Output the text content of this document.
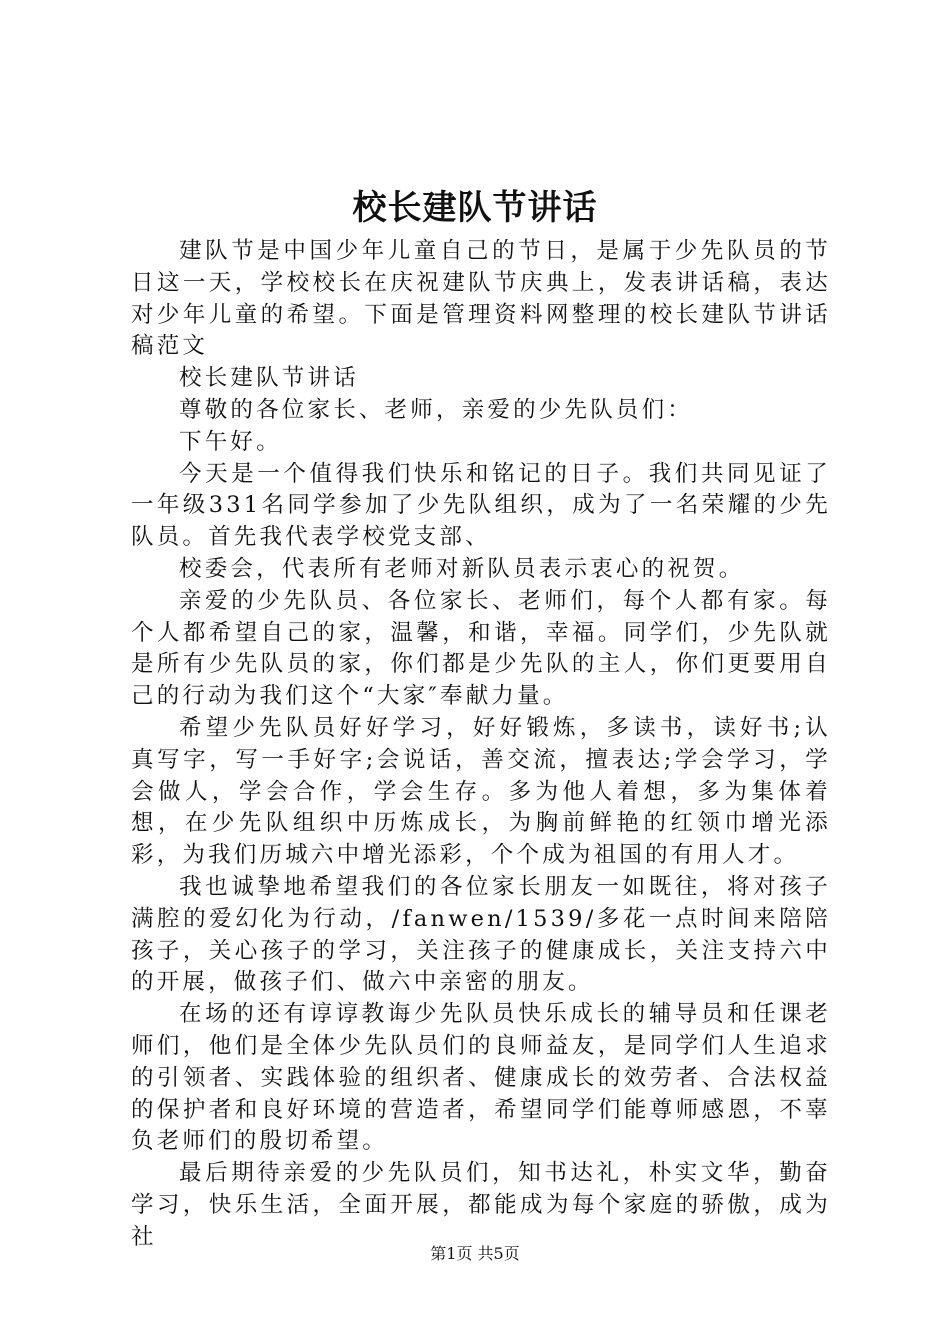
校长建队节讲话

建队节是中国少年儿童自己的节日，是属于少先队员的节日这一天，学校校长在庆祝建队节庆典上，发表讲话稿，表达对少年儿童的希望。下面是管理资料网整理的校长建队节讲话稿范文

校长建队节讲话

尊敬的各位家长、老师，亲爱的少先队员们：

下午好。

今天是一个值得我们快乐和铭记的日子。我们共同见证了一年级331名同学参加了少先队组织，成为了一名荣耀的少先队员。首先我代表学校党支部、

校委会，代表所有老师对新队员表示衷心的祝贺。

亲爱的少先队员、各位家长、老师们，每个人都有家。每个人都希望自己的家，温馨，和谐，幸福。同学们，少先队就是所有少先队员的家，你们都是少先队的主人，你们更要用自己的行动为我们这个“大家″奉献力量。

希望少先队员好好学习，好好锻炼，多读书，读好书;认真写字，写一手好字;会说话，善交流，擅表达;学会学习，学会做人，学会合作，学会生存。多为他人着想，多为集体着想，在少先队组织中历炼成长，为胸前鲜艳的红领巾增光添彩，为我们历城六中增光添彩，个个成为祖国的有用人才。

我也诚挚地希望我们的各位家长朋友一如既往，将对孩子满腔的爱幻化为行动，/fanwen/1539/多花一点时间来陪陪孩子，关心孩子的学习，关注孩子的健康成长，关注支持六中的开展，做孩子们、做六中亲密的朋友。

在场的还有谆谆教诲少先队员快乐成长的辅导员和任课老师们，他们是全体少先队员们的良师益友，是同学们人生追求的引领者、实践体验的组织者、健康成长的效劳者、合法权益的保护者和良好环境的营造者，希望同学们能尊师感恩，不辜负老师们的殷切希望。

最后期待亲爱的少先队员们，知书达礼，朴实文华，勤奋学习，快乐生活，全面开展，都能成为每个家庭的骄傲，成为社

第1页 共5页
